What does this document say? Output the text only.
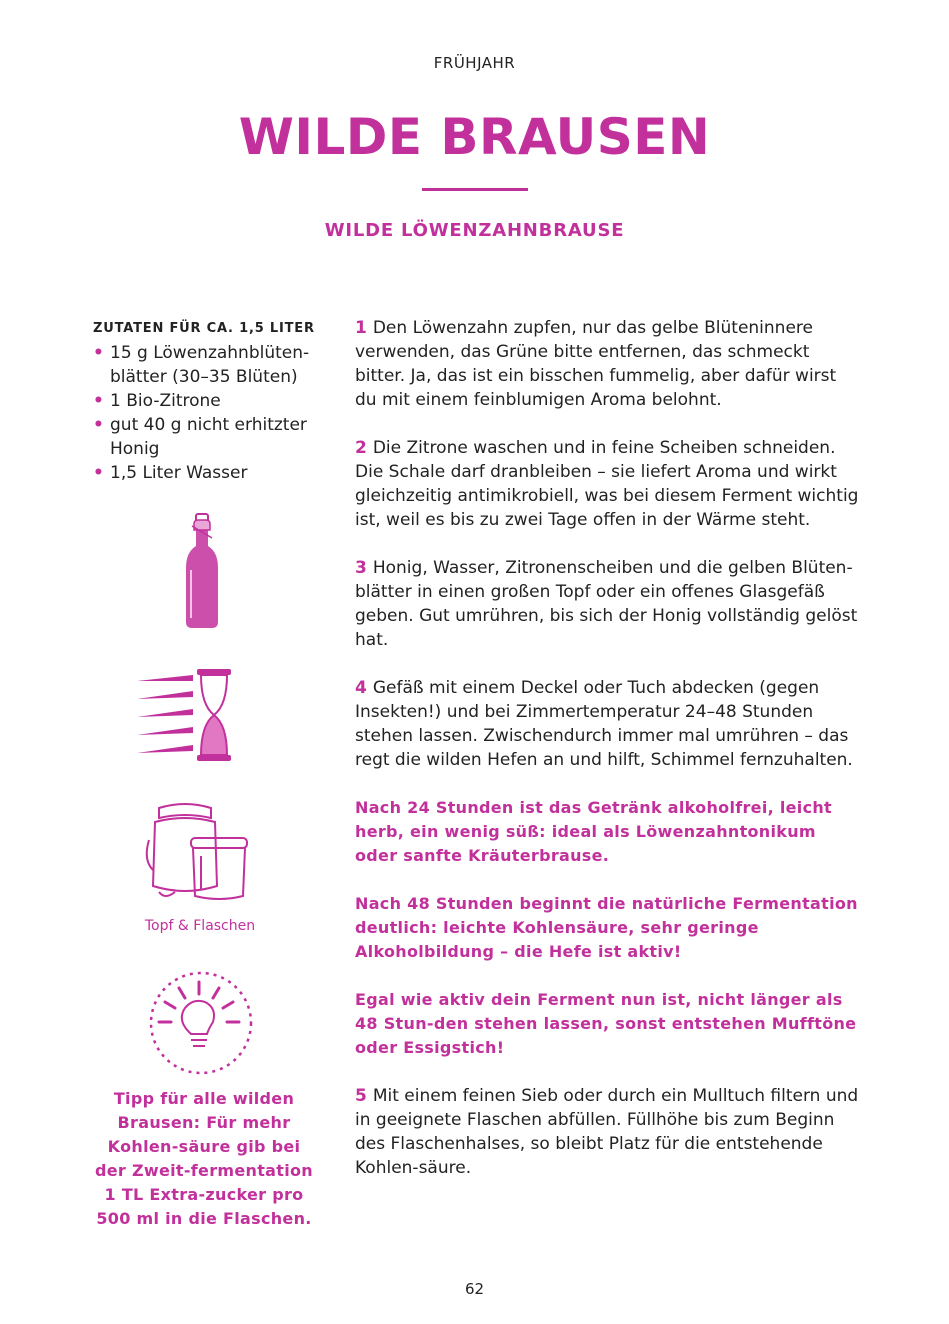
FRÜHJAHR
WILDE BRAUSEN
WILDE LÖWENZAHNBRAUSE
ZUTATEN FÜR CA. 1,5 LITER
• 15 g Löwenzahnblüten-blätter (30–35 Blüten)
• 1 Bio-Zitrone
• gut 40 g nicht erhitzter Honig
• 1,5 Liter Wasser
Topf & Flaschen
Tipp für alle wilden Brausen: Für mehr Kohlen-säure gib bei der Zweit-fermentation 1 TL Extra-zucker pro 500 ml in die Flaschen.

1 Den Löwenzahn zupfen, nur das gelbe Blüteninnere verwenden, das Grüne bitte entfernen, das schmeckt bitter. Ja, das ist ein bisschen fummelig, aber dafür wirst du mit einem feinblumigen Aroma belohnt.

2 Die Zitrone waschen und in feine Scheiben schneiden. Die Schale darf dranbleiben – sie liefert Aroma und wirkt gleichzeitig antimikrobiell, was bei diesem Ferment wichtig ist, weil es bis zu zwei Tage offen in der Wärme steht.

3 Honig, Wasser, Zitronenscheiben und die gelben Blüten-blätter in einen großen Topf oder ein offenes Glasgefäß geben. Gut umrühren, bis sich der Honig vollständig gelöst hat.

4 Gefäß mit einem Deckel oder Tuch abdecken (gegen Insekten!) und bei Zimmertemperatur 24–48 Stunden stehen lassen. Zwischendurch immer mal umrühren – das regt die wilden Hefen an und hilft, Schimmel fernzuhalten.

Nach 24 Stunden ist das Getränk alkoholfrei, leicht herb, ein wenig süß: ideal als Löwenzahntonikum oder sanfte Kräuterbrause.

Nach 48 Stunden beginnt die natürliche Fermentation deutlich: leichte Kohlensäure, sehr geringe Alkoholbildung – die Hefe ist aktiv!

Egal wie aktiv dein Ferment nun ist, nicht länger als 48 Stun-den stehen lassen, sonst entstehen Mufftöne oder Essigstich!

5 Mit einem feinen Sieb oder durch ein Mulltuch filtern und in geeignete Flaschen abfüllen. Füllhöhe bis zum Beginn des Flaschenhalses, so bleibt Platz für die entstehende Kohlen-säure.

62
